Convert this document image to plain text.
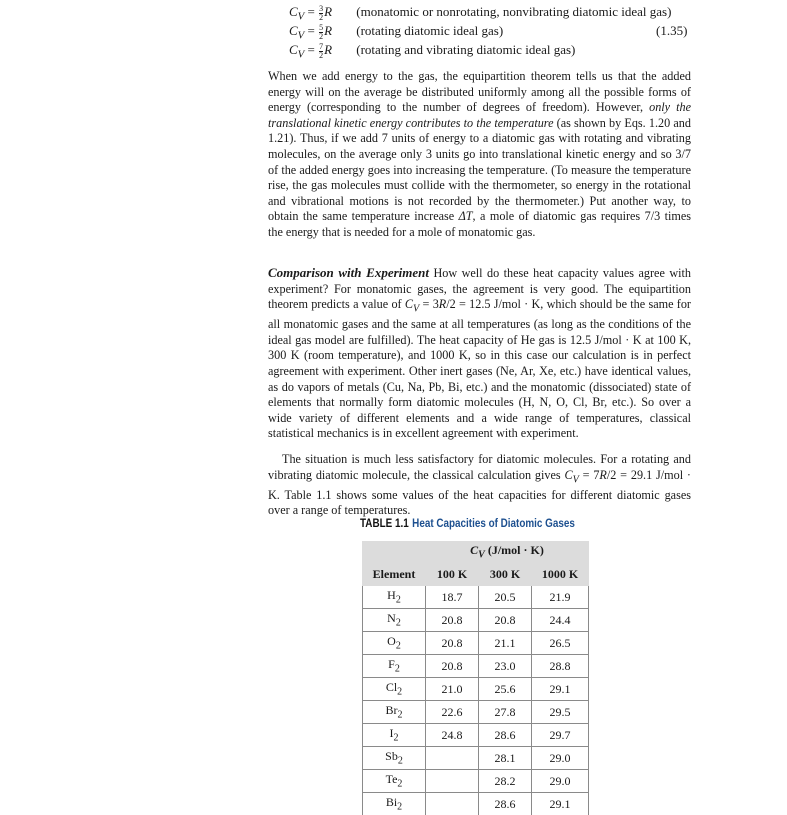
$C_V = \frac{3}{2}$ R (monatomic or nonrotating, nonvibrating diatomic ideal gas)
$C_V = \frac{5}{2}$ R (rotating diatomic ideal gas)
$C_V = \frac{7}{2}$ R (rotating and vibrating diatomic ideal gas)
(1.35)

When we add energy to the gas, the equipartition theorem tells us that the added energy will on the average be distributed uniformly among all the possible forms of energy (corresponding to the number of degrees of freedom). However, only the translational kinetic energy contributes to the temperature (as shown by Eqs. 1.20 and 1.21). Thus, if we add 7 units of energy to a diatomic gas with rotating and vibrating molecules, on the average only 3 units go into translational kinetic energy and so 3/7 of the added energy goes into increasing the temperature. (To measure the temperature rise, the gas molecules must collide with the thermometer, so energy in the rotational and vibrational motions is not recorded by the thermometer.) Put another way, to obtain the same temperature increase ΔT, a mole of diatomic gas requires 7/3 times the energy that is needed for a mole of monatomic gas.

Comparison with Experiment How well do these heat capacity values agree with experiment? For monatomic gases, the agreement is very good. The equipartition theorem predicts a value of $C_V = 3R/2 = 12.5$ J/mol · K, which should be the same for all monatomic gases and the same at all temperatures (as long as the conditions of the ideal gas model are fulfilled). The heat capacity of He gas is 12.5 J/mol · K at 100 K, 300 K (room temperature), and 1000 K, so in this case our calculation is in perfect agreement with experiment. Other inert gases (Ne, Ar, Xe, etc.) have identical values, as do vapors of metals (Cu, Na, Pb, Bi, etc.) and the monatomic (dissociated) state of elements that normally form diatomic molecules (H, N, O, Cl, Br, etc.). So over a wide variety of different elements and a wide range of temperatures, classical statistical mechanics is in excellent agreement with experiment.

The situation is much less satisfactory for diatomic molecules. For a rotating and vibrating diatomic molecule, the classical calculation gives $C_V = 7R/2 = 29.1$ J/mol · K. Table 1.1 shows some values of the heat capacities for different diatomic gases over a range of temperatures.

TABLE 1.1 Heat Capacities of Diatomic Gases
	$C_V$ (J/mol · K)		
Element	100 K	300 K	1000 K
$H_2$	18.7	20.5	21.9
$N_2$	20.8	20.8	24.4
$O_2$	20.8	21.1	26.5
$F_2$	20.8	23.0	28.8
$Cl_2$	21.0	25.6	29.1
$Br_2$	22.6	27.8	29.5
$I_2$	24.8	28.6	29.7
$Sb_2$		28.1	29.0
$Te_2$		28.2	29.0
$Bi_2$		28.6	29.1
